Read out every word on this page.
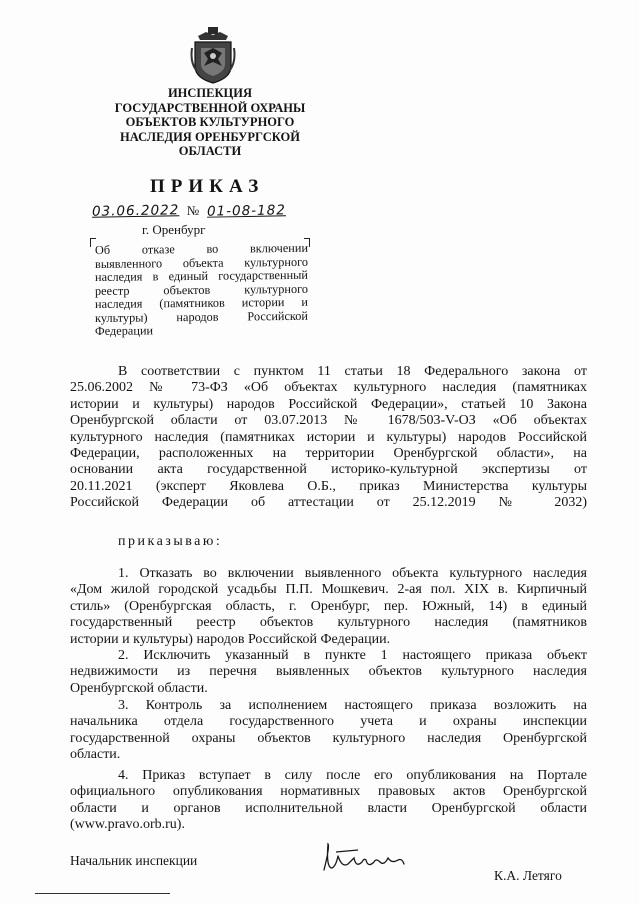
ИНСПЕКЦИЯ
ГОСУДАРСТВЕННОЙ ОХРАНЫ
ОБЪЕКТОВ КУЛЬТУРНОГО
НАСЛЕДИЯ ОРЕНБУРГСКОЙ
ОБЛАСТИ
ПРИКАЗ
03.06.2022 № 01-08-182
г. Оренбург
Об отказе во включении
выявленного объекта культурного
наследия в единый государственный
реестр объектов культурного
наследия (памятников истории и
культуры) народов Российской
Федерации
В соответствии с пунктом 11 статьи 18 Федерального закона от
25.06.2002 № 73-ФЗ «Об объектах культурного наследия (памятниках
истории и культуры) народов Российской Федерации», статьей 10 Закона
Оренбургской области от 03.07.2013 № 1678/503-V-ОЗ «Об объектах
культурного наследия (памятниках истории и культуры) народов Российской
Федерации, расположенных на территории Оренбургской области», на
основании акта государственной историко-культурной экспертизы от
20.11.2021 (эксперт Яковлева О.Б., приказ Министерства культуры
Российской Федерации об аттестации от 25.12.2019 № 2032)
приказываю:
1. Отказать во включении выявленного объекта культурного наследия
«Дом жилой городской усадьбы П.П. Мошкевич. 2-ая пол. XIX в. Кирпичный
стиль» (Оренбургская область, г. Оренбург, пер. Южный, 14) в единый
государственный реестр объектов культурного наследия (памятников
истории и культуры) народов Российской Федерации.
2. Исключить указанный в пункте 1 настоящего приказа объект
недвижимости из перечня выявленных объектов культурного наследия
Оренбургской области.
3. Контроль за исполнением настоящего приказа возложить на
начальника отдела государственного учета и охраны инспекции
государственной охраны объектов культурного наследия Оренбургской
области.
4. Приказ вступает в силу после его опубликования на Портале
официального опубликования нормативных правовых актов Оренбургской
области и органов исполнительной власти Оренбургской области
(www.pravo.orb.ru).
Начальник инспекции
К.А. Летяго
